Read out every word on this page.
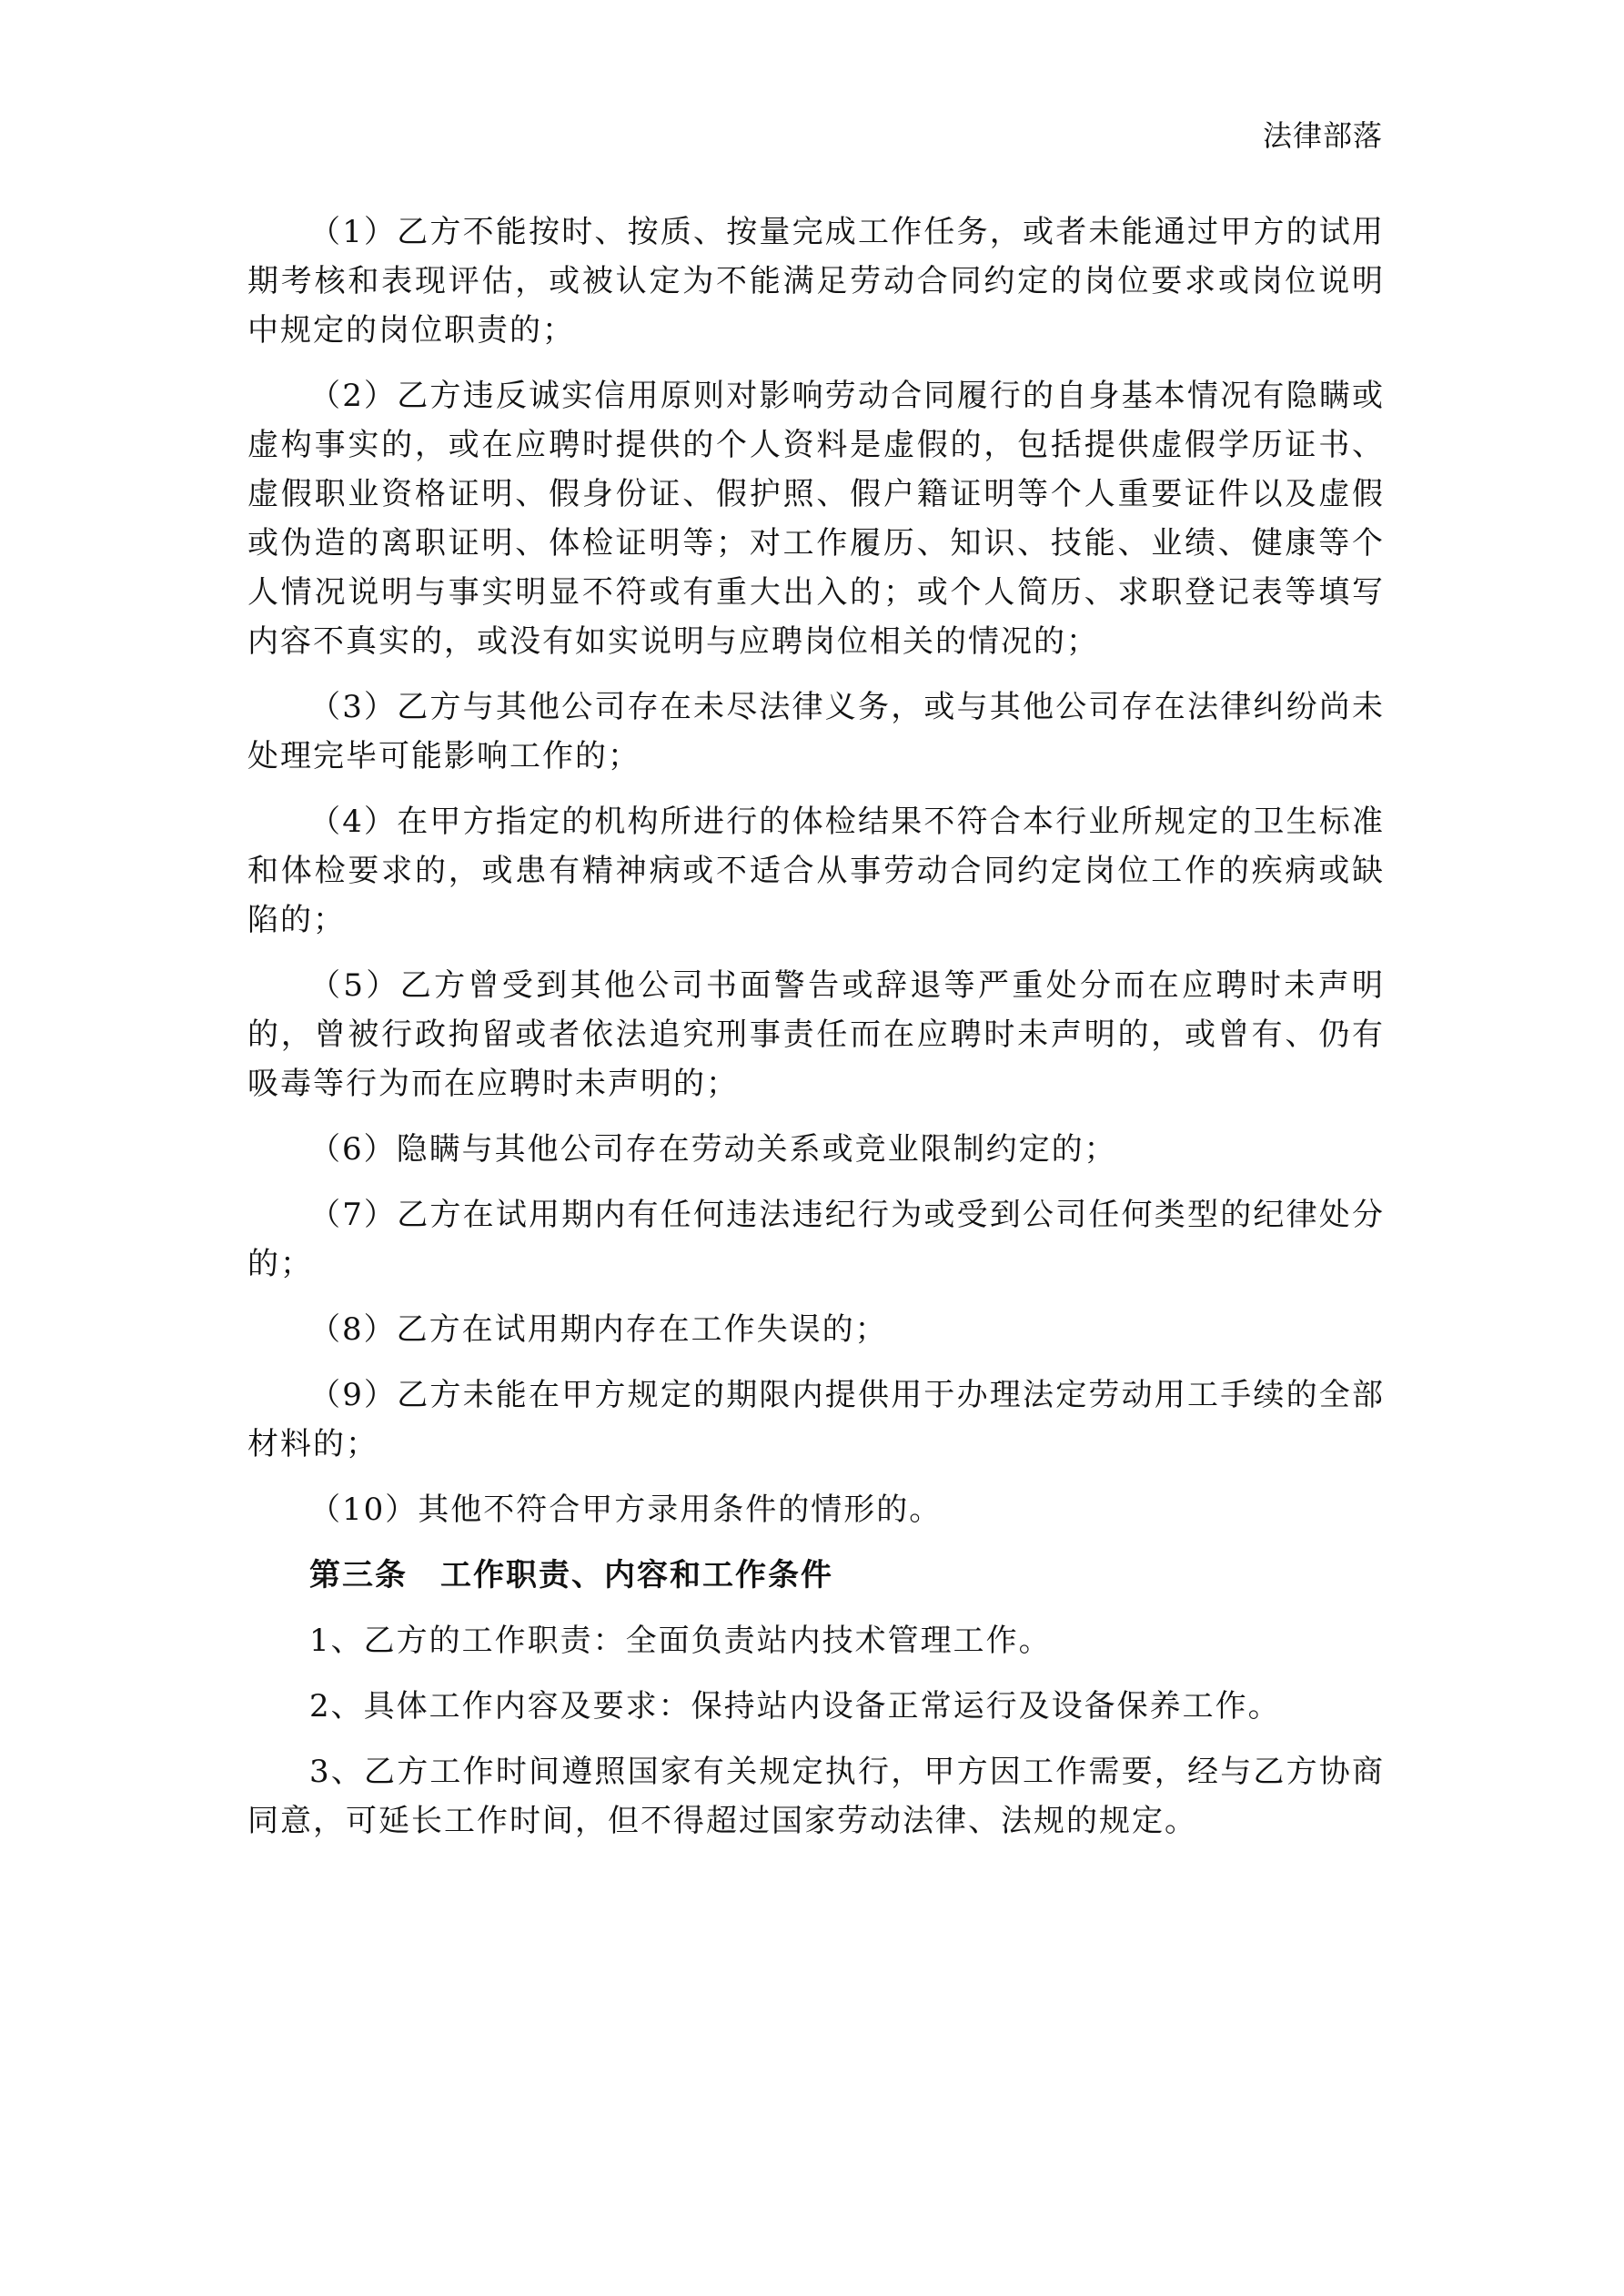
法律部落

（1）乙方不能按时、按质、按量完成工作任务，或者未能通过甲方的试用期考核和表现评估，或被认定为不能满足劳动合同约定的岗位要求或岗位说明中规定的岗位职责的；

（2）乙方违反诚实信用原则对影响劳动合同履行的自身基本情况有隐瞒或虚构事实的，或在应聘时提供的个人资料是虚假的，包括提供虚假学历证书、虚假职业资格证明、假身份证、假护照、假户籍证明等个人重要证件以及虚假或伪造的离职证明、体检证明等；对工作履历、知识、技能、业绩、健康等个人情况说明与事实明显不符或有重大出入的；或个人简历、求职登记表等填写内容不真实的，或没有如实说明与应聘岗位相关的情况的；

（3）乙方与其他公司存在未尽法律义务，或与其他公司存在法律纠纷尚未处理完毕可能影响工作的；

（4）在甲方指定的机构所进行的体检结果不符合本行业所规定的卫生标准和体检要求的，或患有精神病或不适合从事劳动合同约定岗位工作的疾病或缺陷的；

（5）乙方曾受到其他公司书面警告或辞退等严重处分而在应聘时未声明的，曾被行政拘留或者依法追究刑事责任而在应聘时未声明的，或曾有、仍有吸毒等行为而在应聘时未声明的；

（6）隐瞒与其他公司存在劳动关系或竞业限制约定的；

（7）乙方在试用期内有任何违法违纪行为或受到公司任何类型的纪律处分的；

（8）乙方在试用期内存在工作失误的；

（9）乙方未能在甲方规定的期限内提供用于办理法定劳动用工手续的全部材料的；

（10）其他不符合甲方录用条件的情形的。

第三条　工作职责、内容和工作条件

1、乙方的工作职责：全面负责站内技术管理工作。

2、具体工作内容及要求：保持站内设备正常运行及设备保养工作。

3、乙方工作时间遵照国家有关规定执行，甲方因工作需要，经与乙方协商同意，可延长工作时间，但不得超过国家劳动法律、法规的规定。
